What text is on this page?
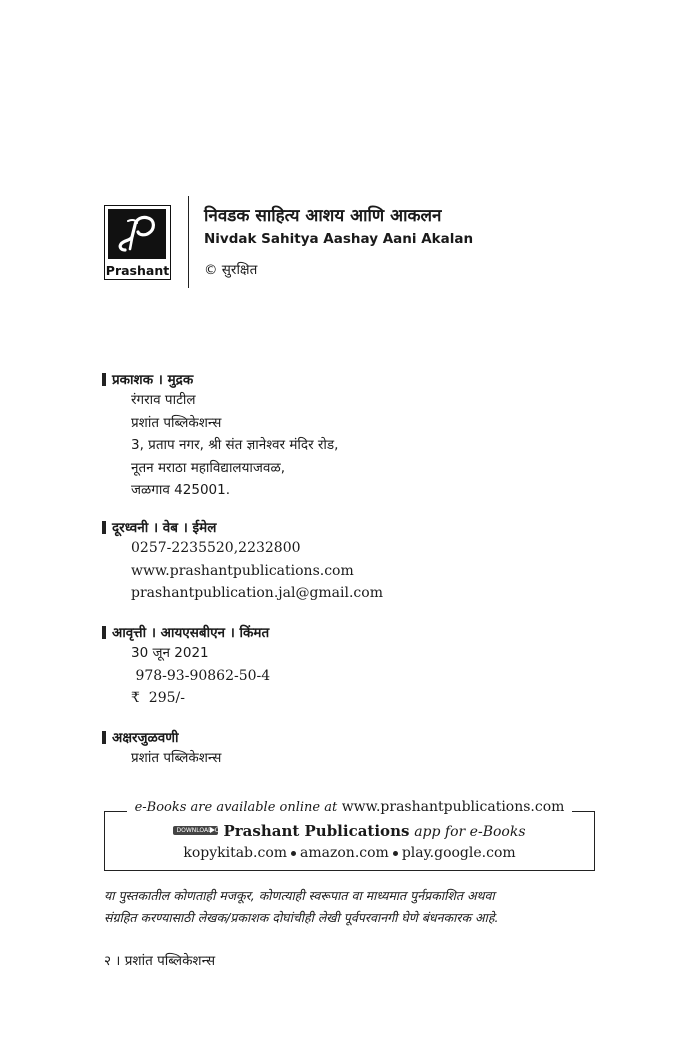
Prashant
निवडक साहित्य आशय आणि आकलन
Nivdak Sahitya Aashay Aani Akalan
© सुरक्षित
प्रकाशक । मुद्रक
रंगराव पाटील
प्रशांत पब्लिकेशन्स
3, प्रताप नगर, श्री संत ज्ञानेश्वर मंदिर रोड,
नूतन मराठा महाविद्यालयाजवळ,
जळगाव 425001.
दूरध्वनी । वेब । ईमेल
0257-2235520,2232800
www.prashantpublications.com
prashantpublication.jal@gmail.com
आवृत्ती । आयएसबीएन । किंमत
30 जून 2021
978-93-90862-50-4
₹  295/-
अक्षरजुळवणी
प्रशांत पब्लिकेशन्स
e-Books are available online at www.prashantpublications.com
DOWNLOAD ON
Prashant Publications app for e-Books
kopykitab.com amazon.com play.google.com
या पुस्तकातील कोणताही मजकूर, कोणत्याही स्वरूपात वा माध्यमात पुर्नप्रकाशित अथवा
संग्रहित करण्यासाठी लेखक/प्रकाशक दोघांचीही लेखी पूर्वपरवानगी घेणे बंधनकारक आहे.
२ । प्रशांत पब्लिकेशन्स
